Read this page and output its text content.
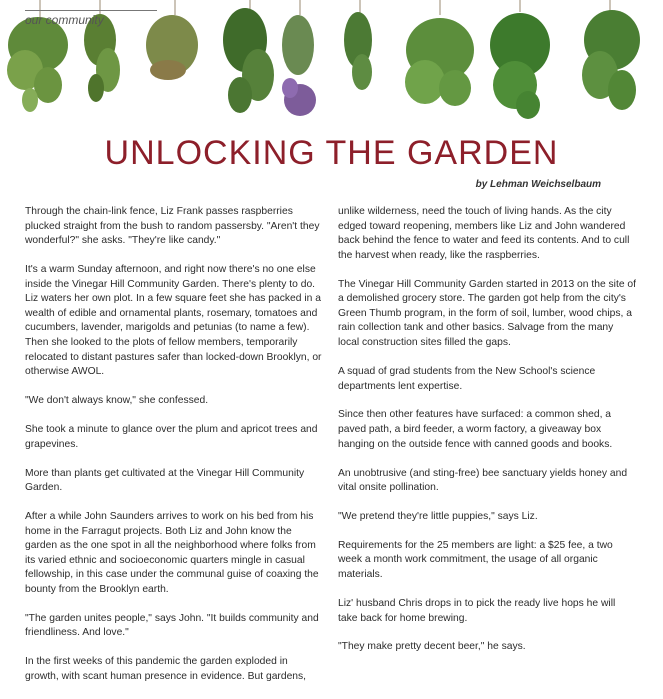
our community
UNLOCKING THE GARDEN
by Lehman Weichselbaum

Through the chain-link fence, Liz Frank passes raspberries plucked straight from the bush to random passersby. "Aren't they wonderful?" she asks. "They're like candy."

It's a warm Sunday afternoon, and right now there's no one else inside the Vinegar Hill Community Garden. There's plenty to do. Liz waters her own plot. In a few square feet she has packed in a wealth of edible and ornamental plants, rosemary, tomatoes and cucumbers, lavender, marigolds and petunias (to name a few). Then she looked to the plots of fellow members, temporarily relocated to distant pastures safer than locked-down Brooklyn, or otherwise AWOL.

"We don't always know," she confessed.

She took a minute to glance over the plum and apricot trees and grapevines.

More than plants get cultivated at the Vinegar Hill Community Garden.

After a while John Saunders arrives to work on his bed from his home in the Farragut projects. Both Liz and John know the garden as the one spot in all the neighborhood where folks from its varied ethnic and socioeconomic quarters mingle in casual fellowship, in this case under the communal guise of coaxing the bounty from the Brooklyn earth.

"The garden unites people," says John. "It builds community and friendliness. And love."

In the first weeks of this pandemic the garden exploded in growth, with scant human presence in evidence. But gardens,

unlike wilderness, need the touch of living hands. As the city edged toward reopening, members like Liz and John wandered back behind the fence to water and feed its contents. And to cull the harvest when ready, like the raspberries.

The Vinegar Hill Community Garden started in 2013 on the site of a demolished grocery store. The garden got help from the city's Green Thumb program, in the form of soil, lumber, wood chips, a rain collection tank and other basics. Salvage from the many local construction sites filled the gaps.

A squad of grad students from the New School's science departments lent expertise.

Since then other features have surfaced: a common shed, a paved path, a bird feeder, a worm factory, a giveaway box hanging on the outside fence with canned goods and books.

An unobtrusive (and sting-free) bee sanctuary yields honey and vital onsite pollination.

"We pretend they're little puppies," says Liz.

Requirements for the 25 members are light: a $25 fee, a two week a month work commitment, the usage of all organic materials.

Liz' husband Chris drops in to pick the ready live hops he will take back for home brewing.

"They make pretty decent beer," he says.
